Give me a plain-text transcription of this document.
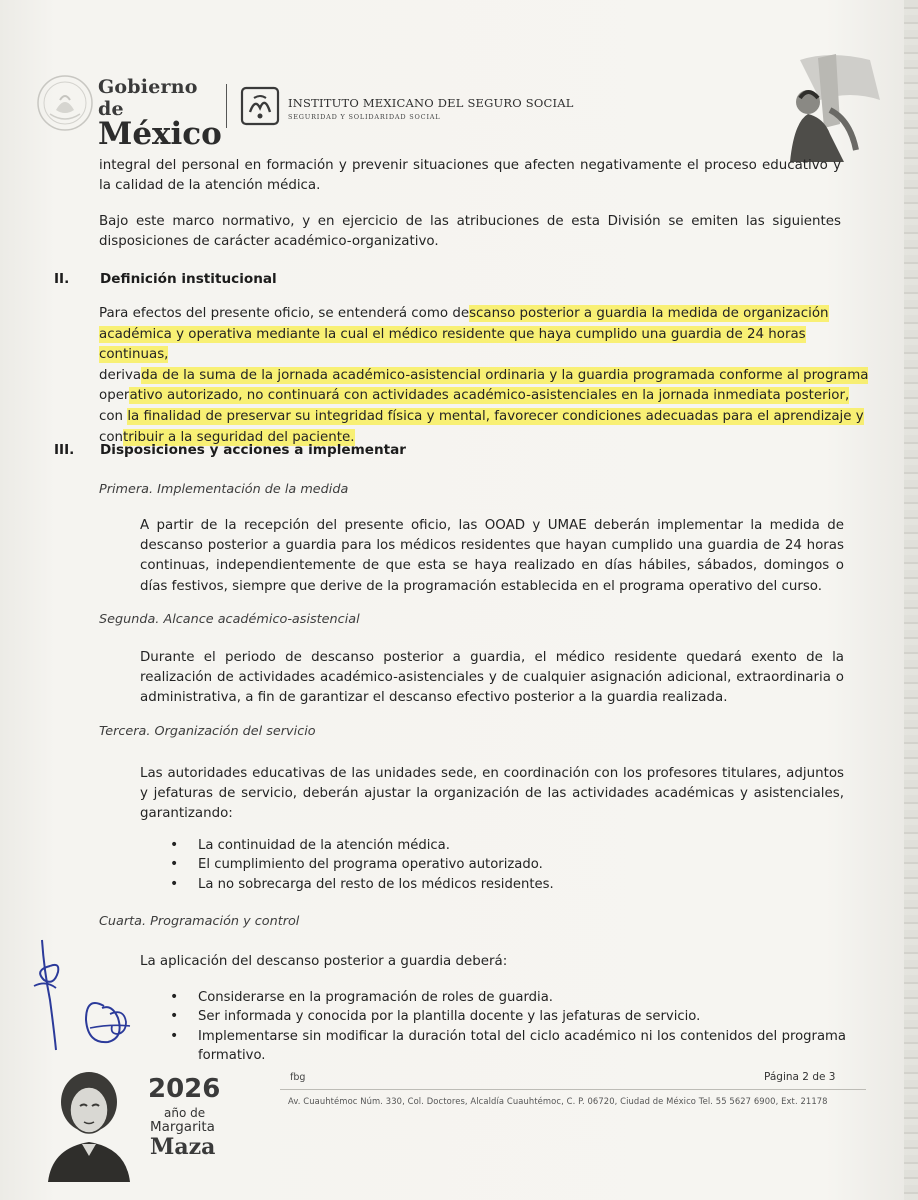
Gobierno de
México
INSTITUTO MEXICANO DEL SEGURO SOCIAL
SEGURIDAD Y SOLIDARIDAD SOCIAL
integral del personal en formación y prevenir situaciones que afecten negativamente el proceso educativo y la calidad de la atención médica.
Bajo este marco normativo, y en ejercicio de las atribuciones de esta División se emiten las siguientes disposiciones de carácter académico-organizativo.
II. Definición institucional
Para efectos del presente oficio, se entenderá como descanso posterior a guardia la medida de organización
académica y operativa mediante la cual el médico residente que haya cumplido una guardia de 24 horas continuas,
derivada de la suma de la jornada académico-asistencial ordinaria y la guardia programada conforme al programa
operativo autorizado, no continuará con actividades académico-asistenciales en la jornada inmediata posterior,
con la finalidad de preservar su integridad física y mental, favorecer condiciones adecuadas para el aprendizaje y
contribuir a la seguridad del paciente.
III. Disposiciones y acciones a implementar
Primera. Implementación de la medida
A partir de la recepción del presente oficio, las OOAD y UMAE deberán implementar la medida de descanso posterior a guardia para los médicos residentes que hayan cumplido una guardia de 24 horas continuas, independientemente de que esta se haya realizado en días hábiles, sábados, domingos o días festivos, siempre que derive de la programación establecida en el programa operativo del curso.
Segunda. Alcance académico-asistencial
Durante el periodo de descanso posterior a guardia, el médico residente quedará exento de la realización de actividades académico-asistenciales y de cualquier asignación adicional, extraordinaria o administrativa, a fin de garantizar el descanso efectivo posterior a la guardia realizada.
Tercera. Organización del servicio
Las autoridades educativas de las unidades sede, en coordinación con los profesores titulares, adjuntos y jefaturas de servicio, deberán ajustar la organización de las actividades académicas y asistenciales, garantizando:
• La continuidad de la atención médica.
• El cumplimiento del programa operativo autorizado.
• La no sobrecarga del resto de los médicos residentes.
Cuarta. Programación y control
La aplicación del descanso posterior a guardia deberá:
• Considerarse en la programación de roles de guardia.
• Ser informada y conocida por la plantilla docente y las jefaturas de servicio.
• Implementarse sin modificar la duración total del ciclo académico ni los contenidos del programa formativo.
2026
año de
Margarita
Maza
fbg	Página 2 de 3
Av. Cuauhtémoc Núm. 330, Col. Doctores, Alcaldía Cuauhtémoc, C. P. 06720, Ciudad de México Tel. 55 5627 6900, Ext. 21178
